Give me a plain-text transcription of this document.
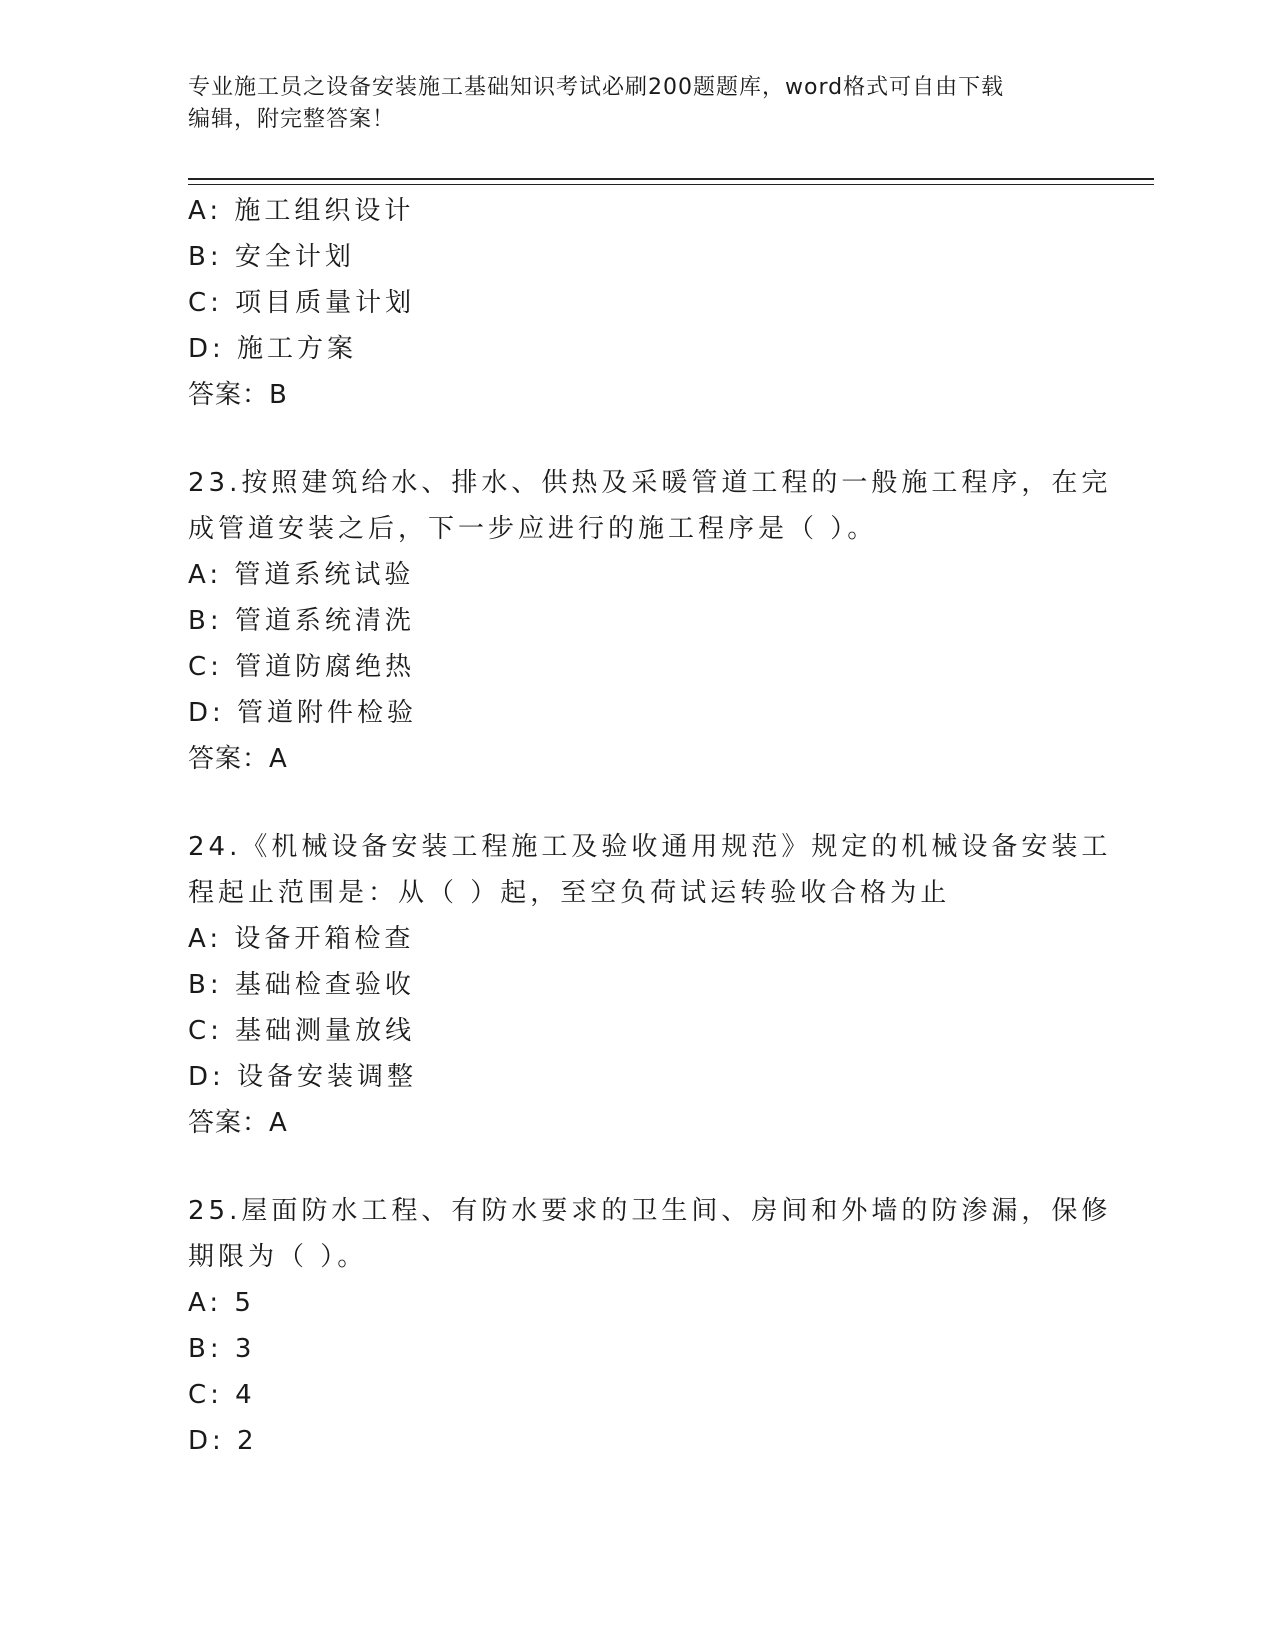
专业施工员之设备安装施工基础知识考试必刷200题题库，word格式可自由下载
编辑，附完整答案！
A: 施工组织设计
B: 安全计划
C: 项目质量计划
D: 施工方案
答案：B
23.按照建筑给水、排水、供热及采暖管道工程的一般施工程序，在完
成管道安装之后，下一步应进行的施工程序是（ ）。
A: 管道系统试验
B: 管道系统清洗
C: 管道防腐绝热
D: 管道附件检验
答案：A
24.《机械设备安装工程施工及验收通用规范》规定的机械设备安装工
程起止范围是：从（ ）起，至空负荷试运转验收合格为止
A: 设备开箱检查
B: 基础检查验收
C: 基础测量放线
D: 设备安装调整
答案：A
25.屋面防水工程、有防水要求的卫生间、房间和外墙的防渗漏，保修
期限为（ ）。
A: 5
B: 3
C: 4
D: 2
